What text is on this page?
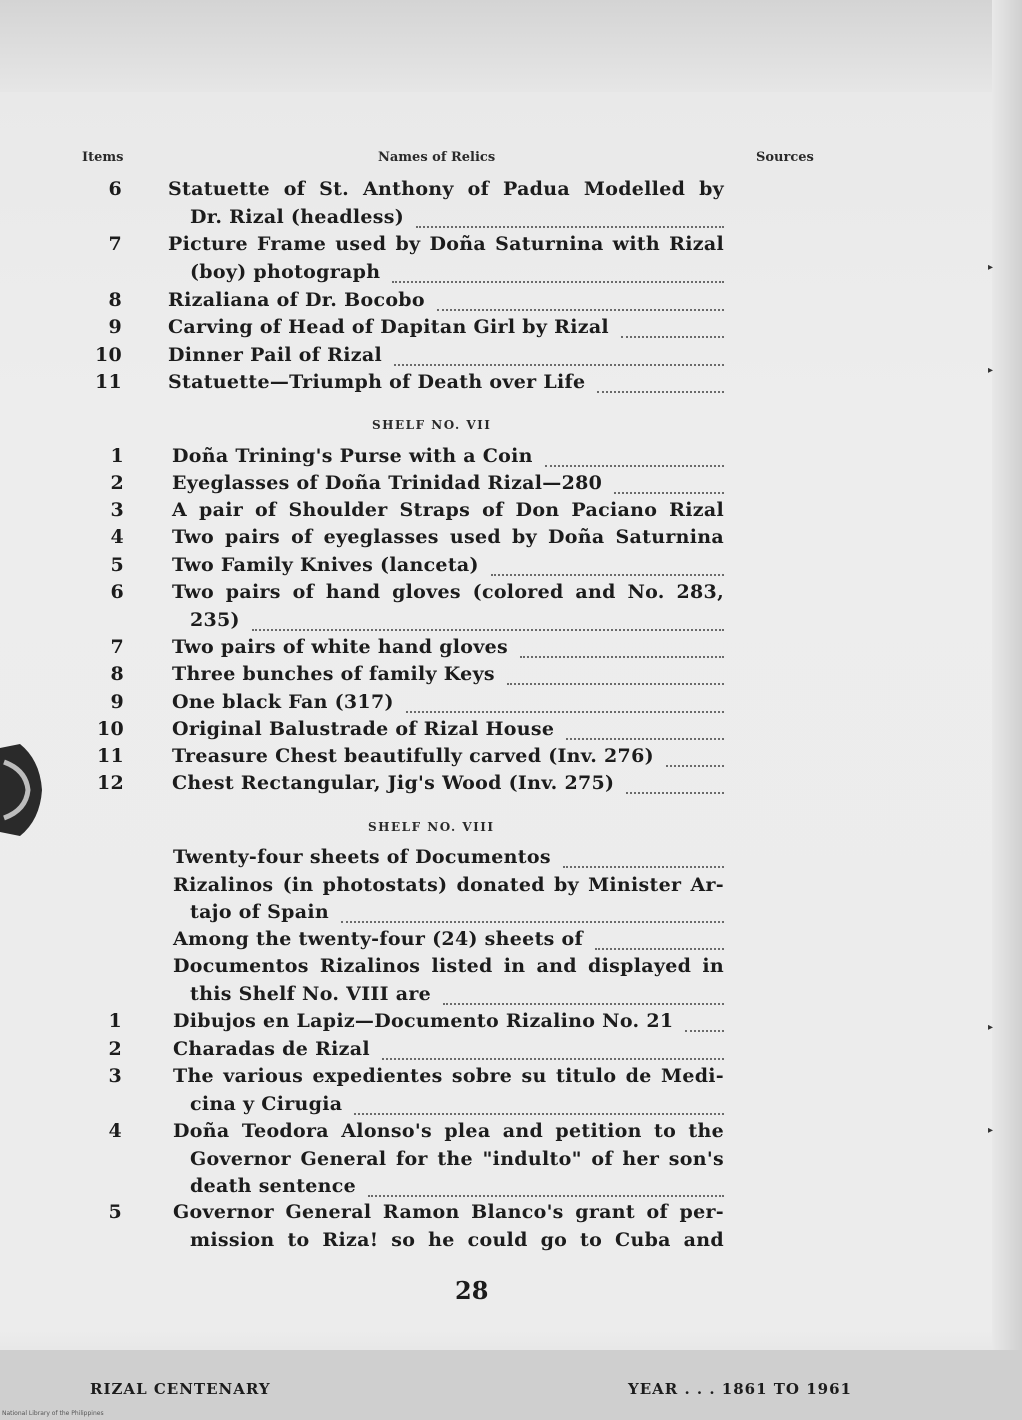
▸
▸
▸
▸
Items	Names of Relics	Sources
SHELF NO. VII
SHELF NO. VIII
6 Statuette of St. Anthony of Padua Modelled by
Dr. Rizal (headless)
7 Picture Frame used by Doña Saturnina with Rizal
(boy) photograph
8 Rizaliana of Dr. Bocobo
9 Carving of Head of Dapitan Girl by Rizal
10 Dinner Pail of Rizal
11 Statuette—Triumph of Death over Life
1	Doña Trining's Purse with a Coin
2	Eyeglasses of Doña Trinidad Rizal—280
3	A pair of Shoulder Straps of Don Paciano Rizal
4	Two pairs of eyeglasses used by Doña Saturnina
5	Two Family Knives (lanceta)
6	Two pairs of hand gloves (colored and No. 283,
235)
7	Two pairs of white hand gloves
8	Three bunches of family Keys
9	One black Fan (317)
10	Original Balustrade of Rizal House
11	Treasure Chest beautifully carved (Inv. 276)
12	Chest Rectangular, Jig's Wood (Inv. 275)
Twenty-four sheets of Documentos
Rizalinos (in photostats) donated by Minister Ar-
tajo of Spain
Among the twenty-four (24) sheets of
Documentos Rizalinos listed in and displayed in
this Shelf No. VIII are
1	Dibujos en Lapiz—Documento Rizalino No. 21
2	Charadas de Rizal
3	The various expedientes sobre su titulo de Medi-
cina y Cirugia
4	Doña Teodora Alonso's plea and petition to the
Governor General for the "indulto" of her son's
death sentence
5	Governor General Ramon Blanco's grant of per-
mission to Riza! so he could go to Cuba and
28
RIZAL CENTENARY	YEAR . . . 1861 TO 1961
National Library of the Philippines
